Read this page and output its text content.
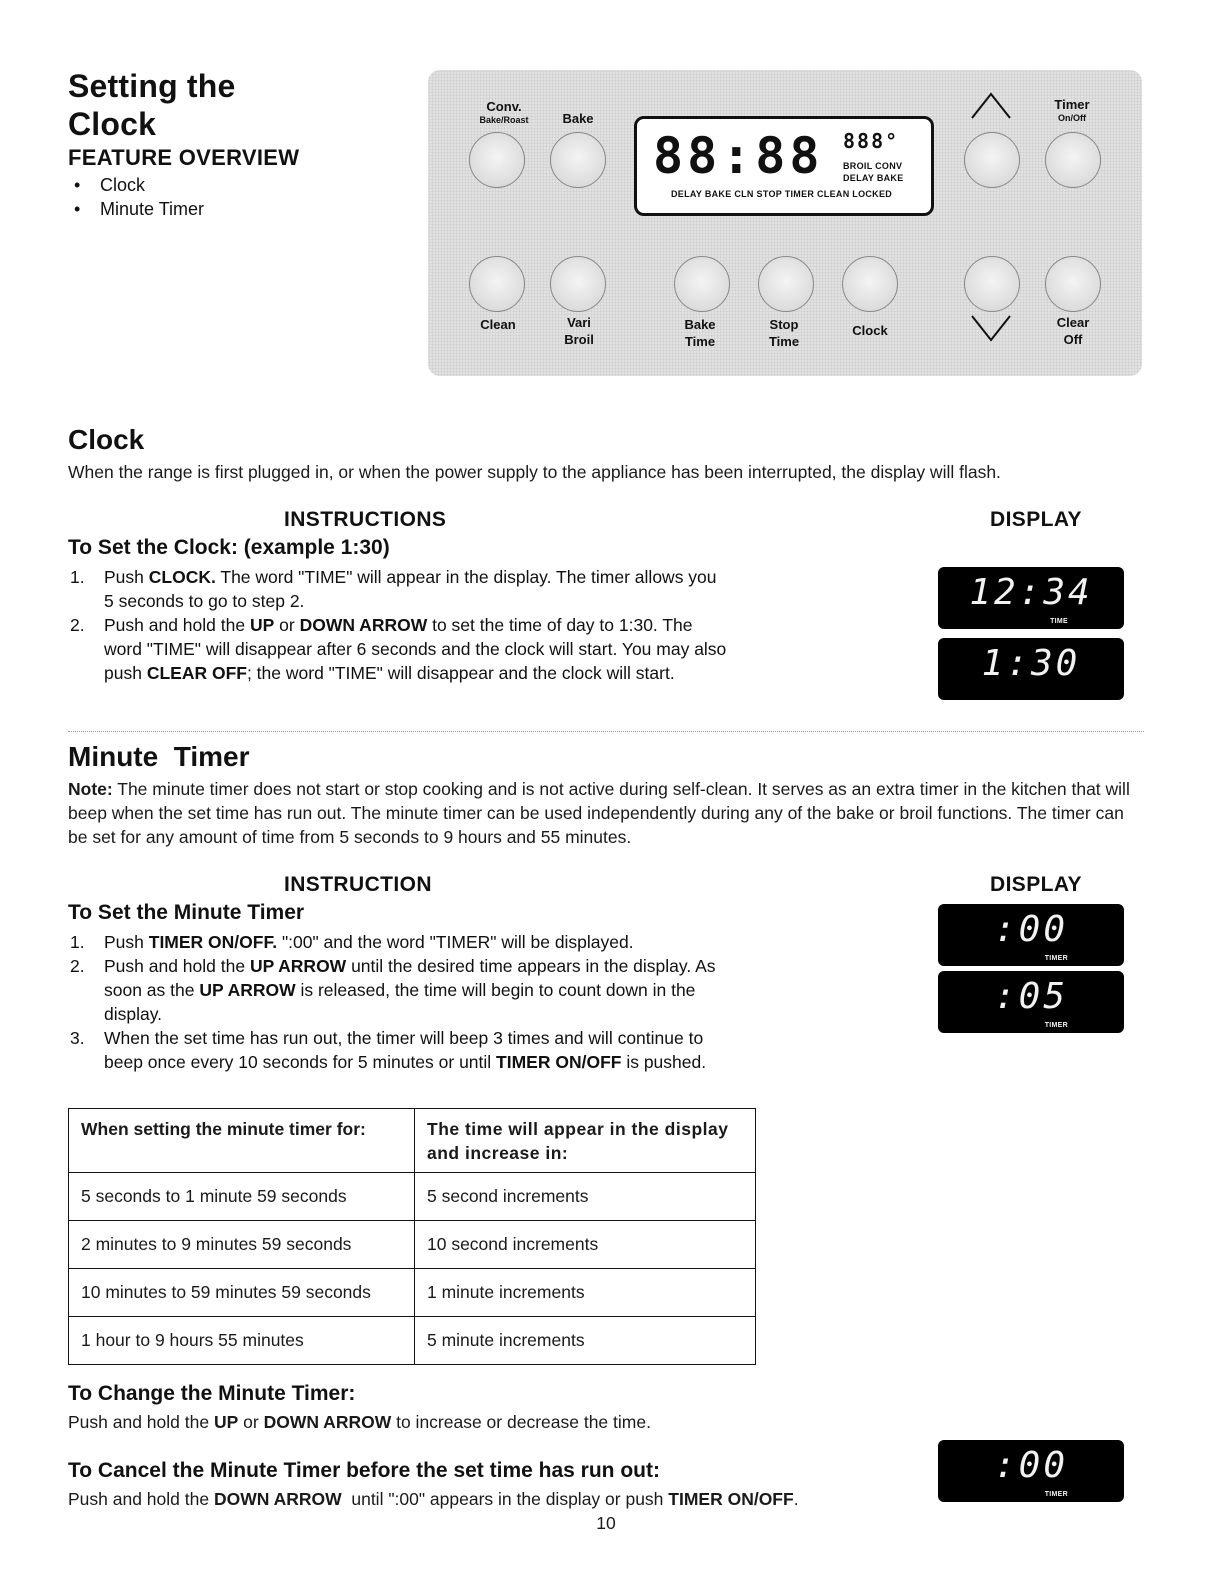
Setting the
Clock
FEATURE OVERVIEW
• Clock
• Minute Timer
Conv.
Bake/Roast	Bake
88:88 888°
BROIL CONV
DELAY BAKE
DELAY BAKE CLN STOP TIMER CLEAN LOCKED
Timer
On/Off
Clean	Vari
Broil
Bake
Time
Stop
Time
Clock
Clear
Off
Clock
When the range is first plugged in, or when the power supply to the appliance has been interrupted, the display will flash.
INSTRUCTIONS	DISPLAY
To Set the Clock: (example 1:30)
1. Push CLOCK. The word "TIME" will appear in the display. The timer allows you 5 seconds to go to step 2.
2. Push and hold the UP or DOWN ARROW to set the time of day to 1:30. The word "TIME" will disappear after 6 seconds and the clock will start. You may also push CLEAR OFF; the word "TIME" will disappear and the clock will start.
12:34
TIME
1:30
Minute  Timer
Note: The minute timer does not start or stop cooking and is not active during self-clean. It serves as an extra timer in the kitchen that will beep when the set time has run out. The minute timer can be used independently during any of the bake or broil functions. The timer can be set for any amount of time from 5 seconds to 9 hours and 55 minutes.
INSTRUCTION	DISPLAY
To Set the Minute Timer
1. Push TIMER ON/OFF. ":00" and the word "TIMER" will be displayed.
2. Push and hold the UP ARROW until the desired time appears in the display. As soon as the UP ARROW is released, the time will begin to count down in the display.
3. When the set time has run out, the timer will beep 3 times and will continue to beep once every 10 seconds for 5 minutes or until TIMER ON/OFF is pushed.
:00
TIMER
:05
TIMER
When setting the minute timer for:	The time will appear in the display and increase in:
5 seconds to 1 minute 59 seconds	5 second increments
2 minutes to 9 minutes 59 seconds	10 second increments
10 minutes to 59 minutes 59 seconds	1 minute increments
1 hour to 9 hours 55 minutes	5 minute increments
To Change the Minute Timer:
Push and hold the UP or DOWN ARROW to increase or decrease the time.
To Cancel the Minute Timer before the set time has run out:
Push and hold the DOWN ARROW  until ":00" appears in the display or push TIMER ON/OFF.
:00
TIMER
10
